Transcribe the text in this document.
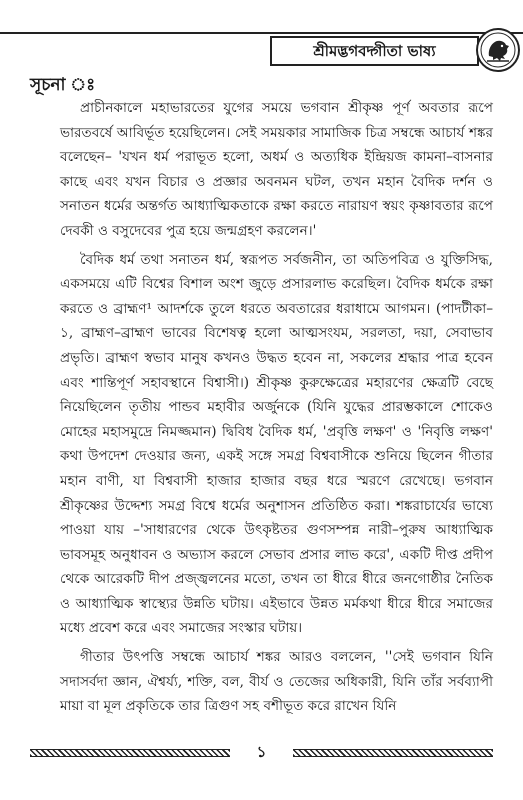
শ্রীমদ্ভগবদ্গীতা ভাষ্য
সূচনা ঃ

প্রাচীনকালে মহাভারতের যুগের সময়ে ভগবান শ্রীকৃষ্ণ পূর্ণ অবতার রূপে ভারতবর্ষে আবির্ভূত হয়েছিলেন। সেই সময়কার সামাজিক চিত্র সম্বন্ধে আচার্য শঙ্কর বলেছেন– 'যখন ধর্ম পরাভূত হলো, অধর্ম ও অত্যধিক ইন্দ্রিয়জ কামনা–বাসনার কাছে এবং যখন বিচার ও প্রজ্ঞার অবনমন ঘটল, তখন মহান বৈদিক দর্শন ও সনাতন ধর্মের অন্তর্গত আধ্যাত্মিকতাকে রক্ষা করতে নারায়ণ স্বয়ং কৃষ্ণাবতার রূপে দেবকী ও বসুদেবের পুত্র হয়ে জন্মগ্রহণ করলেন।'

বৈদিক ধর্ম তথা সনাতন ধর্ম, স্বরূপত সর্বজনীন, তা অতিপবিত্র ও যুক্তিসিদ্ধ, একসময়ে এটি বিশ্বের বিশাল অংশ জুড়ে প্রসারলাভ করেছিল। বৈদিক ধর্মকে রক্ষা করতে ও ব্রাহ্মণ¹ আদর্শকে তুলে ধরতে অবতারের ধরাধামে আগমন। (পাদটীকা–১, ব্রাহ্মণ–ব্রাহ্মণ ভাবের বিশেষত্ব হলো আত্মসংযম, সরলতা, দয়া, সেবাভাব প্রভৃতি। ব্রাহ্মণ স্বভাব মানুষ কখনও উদ্ধত হবেন না, সকলের শ্রদ্ধার পাত্র হবেন এবং শান্তিপূর্ণ সহাবস্থানে বিশ্বাসী।) শ্রীকৃষ্ণ কুরুক্ষেত্রের মহারণের ক্ষেত্রটি বেছে নিয়েছিলেন তৃতীয় পান্ডব মহাবীর অর্জুনকে (যিনি যুদ্ধের প্রারম্ভকালে শোকেও মোহের মহাসমুদ্রে নিমজ্জমান) দ্বিবিধ বৈদিক ধর্ম, 'প্রবৃত্তি লক্ষণ' ও 'নিবৃত্তি লক্ষণ' কথা উপদেশ দেওয়ার জন্য, একই সঙ্গে সমগ্র বিশ্ববাসীকে শুনিয়ে ছিলেন গীতার মহান বাণী, যা বিশ্ববাসী হাজার হাজার বছর ধরে স্মরণে রেখেছে। ভগবান শ্রীকৃষ্ণের উদ্দেশ্য সমগ্র বিশ্বে ধর্মের অনুশাসন প্রতিষ্ঠিত করা। শঙ্করাচার্যের ভাষ্যে পাওয়া যায় –'সাধারণের থেকে উৎকৃষ্টতর গুণসম্পন্ন নারী–পুরুষ আধ্যাত্মিক ভাবসমূহ অনুধাবন ও অভ্যাস করলে সেভাব প্রসার লাভ করে', একটি দীপ্ত প্রদীপ থেকে আরেকটি দীপ প্রজ্জ্বলনের মতো, তখন তা ধীরে ধীরে জনগোষ্ঠীর নৈতিক ও আধ্যাত্মিক স্বাস্থ্যের উন্নতি ঘটায়। এইভাবে উন্নত মর্মকথা ধীরে ধীরে সমাজের মধ্যে প্রবেশ করে এবং সমাজের সংস্কার ঘটায়।

গীতার উৎপত্তি সম্বন্ধে আচার্য শঙ্কর আরও বললেন, ''সেই ভগবান যিনি সদাসর্বদা জ্ঞান, ঐশ্বর্য্য, শক্তি, বল, বীর্য ও তেজের অধিকারী, যিনি তাঁর সর্বব্যাপী মায়া বা মূল প্রকৃতিকে তার ত্রিগুণ সহ বশীভূত করে রাখেন যিনি

১
